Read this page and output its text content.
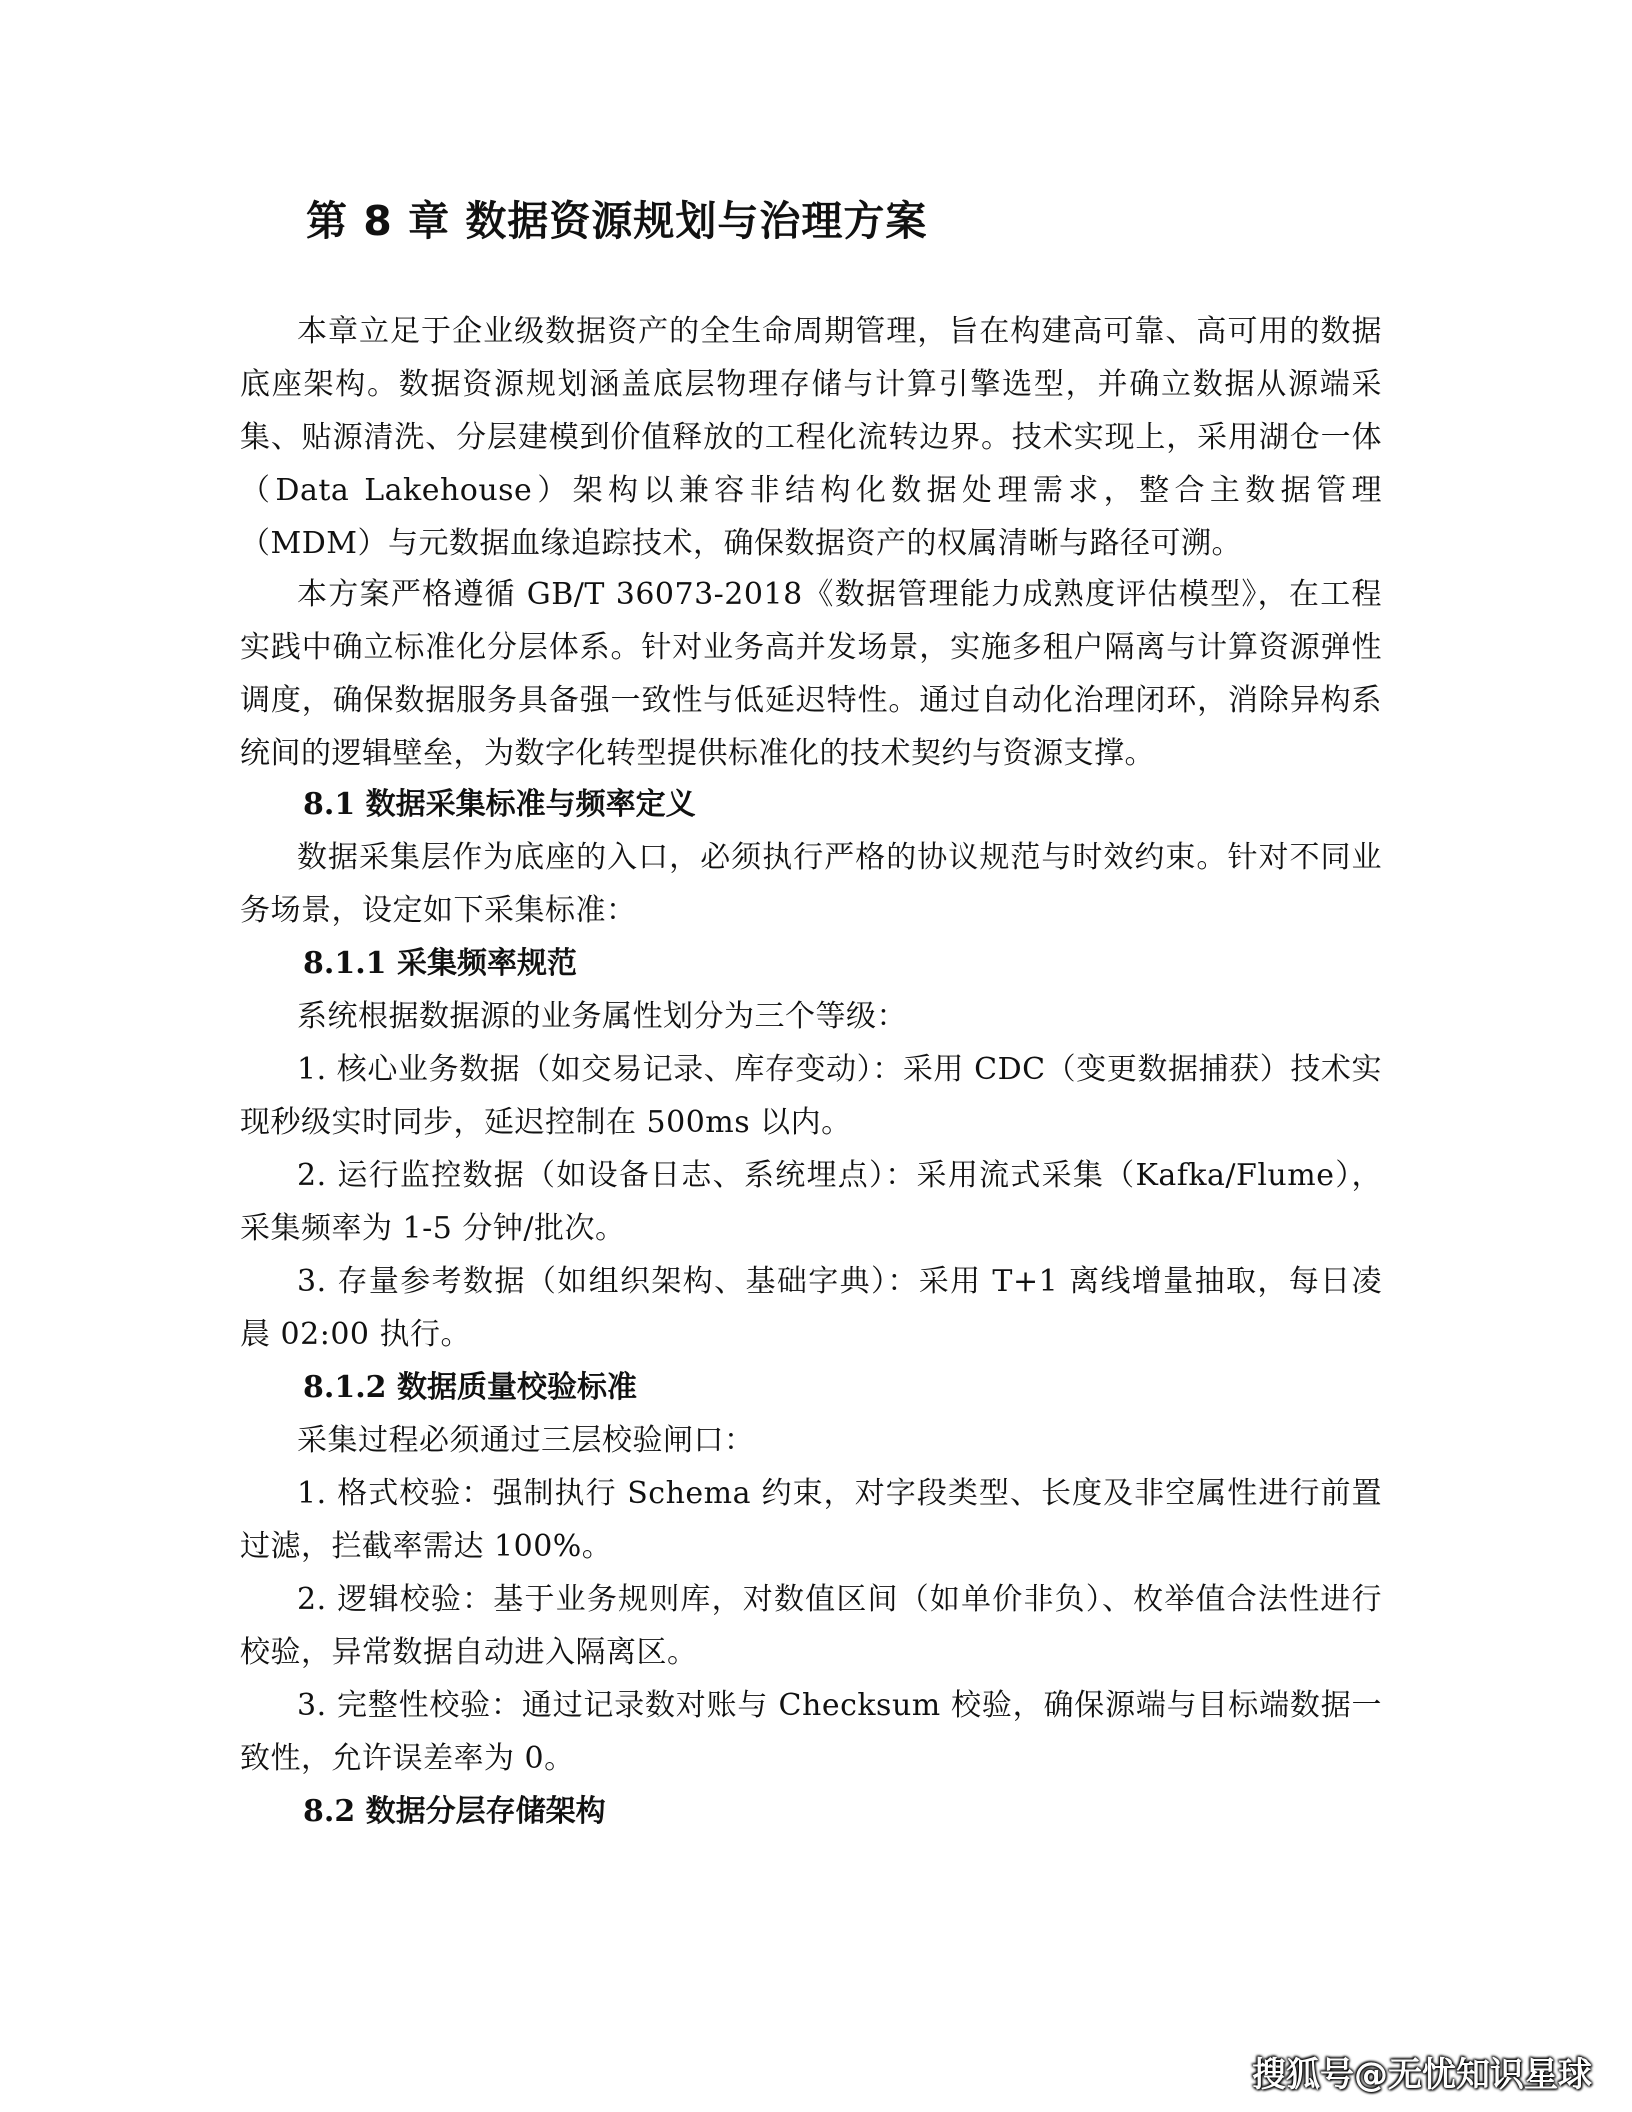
第 8 章 数据资源规划与治理方案

本章立足于企业级数据资产的全生命周期管理，旨在构建高可靠、高可用的数据底座架构。数据资源规划涵盖底层物理存储与计算引擎选型，并确立数据从源端采集、贴源清洗、分层建模到价值释放的工程化流转边界。技术实现上，采用湖仓一体（Data Lakehouse）架构以兼容非结构化数据处理需求，整合主数据管理（MDM）与元数据血缘追踪技术，确保数据资产的权属清晰与路径可溯。

本方案严格遵循 GB/T 36073-2018《数据管理能力成熟度评估模型》，在工程实践中确立标准化分层体系。针对业务高并发场景，实施多租户隔离与计算资源弹性调度，确保数据服务具备强一致性与低延迟特性。通过自动化治理闭环，消除异构系统间的逻辑壁垒，为数字化转型提供标准化的技术契约与资源支撑。

8.1 数据采集标准与频率定义

数据采集层作为底座的入口，必须执行严格的协议规范与时效约束。针对不同业务场景，设定如下采集标准：

8.1.1 采集频率规范

系统根据数据源的业务属性划分为三个等级：

1. 核心业务数据（如交易记录、库存变动）：采用 CDC（变更数据捕获）技术实现秒级实时同步，延迟控制在 500ms 以内。

2. 运行监控数据（如设备日志、系统埋点）：采用流式采集（Kafka/Flume），采集频率为 1-5 分钟/批次。

3. 存量参考数据（如组织架构、基础字典）：采用 T+1 离线增量抽取，每日凌晨 02:00 执行。

8.1.2 数据质量校验标准

采集过程必须通过三层校验闸口：

1. 格式校验：强制执行 Schema 约束，对字段类型、长度及非空属性进行前置过滤，拦截率需达 100%。

2. 逻辑校验：基于业务规则库，对数值区间（如单价非负）、枚举值合法性进行校验，异常数据自动进入隔离区。

3. 完整性校验：通过记录数对账与 Checksum 校验，确保源端与目标端数据一致性，允许误差率为 0。

8.2 数据分层存储架构
搜狐号@无忧知识星球
